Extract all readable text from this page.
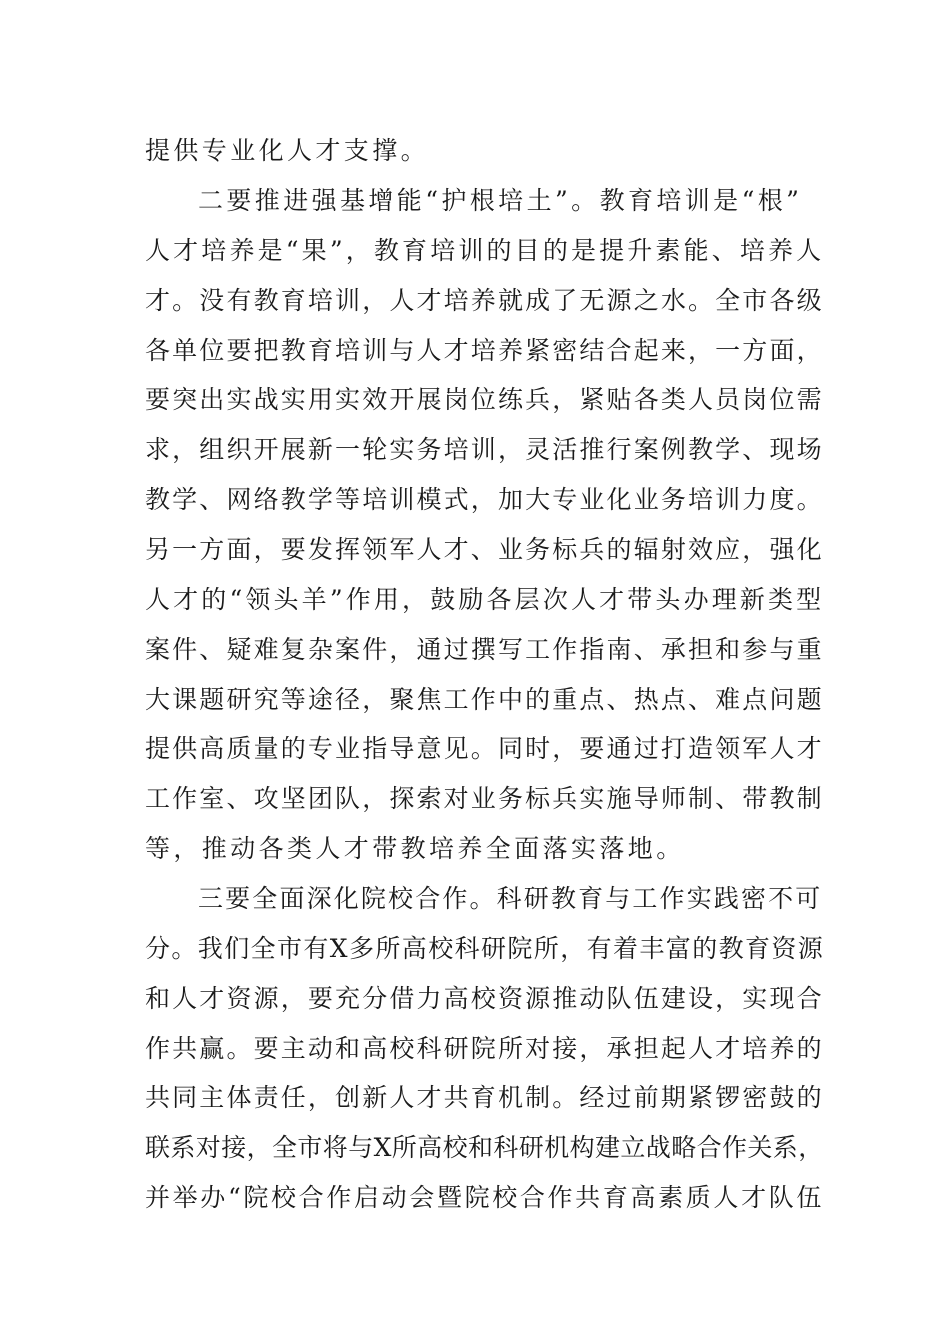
提供专业化人才支撑。
二要推进强基增能“护根培土”。教育培训是“根”
人才培养是“果”，教育培训的目的是提升素能、培养人
才。没有教育培训，人才培养就成了无源之水。全市各级
各单位要把教育培训与人才培养紧密结合起来，一方面，
要突出实战实用实效开展岗位练兵，紧贴各类人员岗位需
求，组织开展新一轮实务培训，灵活推行案例教学、现场
教学、网络教学等培训模式，加大专业化业务培训力度。
另一方面，要发挥领军人才、业务标兵的辐射效应，强化
人才的“领头羊”作用，鼓励各层次人才带头办理新类型
案件、疑难复杂案件，通过撰写工作指南、承担和参与重
大课题研究等途径，聚焦工作中的重点、热点、难点问题
提供高质量的专业指导意见。同时，要通过打造领军人才
工作室、攻坚团队，探索对业务标兵实施导师制、带教制
等，推动各类人才带教培养全面落实落地。
三要全面深化院校合作。科研教育与工作实践密不可
分。我们全市有X多所高校科研院所，有着丰富的教育资源
和人才资源，要充分借力高校资源推动队伍建设，实现合
作共赢。要主动和高校科研院所对接，承担起人才培养的
共同主体责任，创新人才共育机制。经过前期紧锣密鼓的
联系对接，全市将与X所高校和科研机构建立战略合作关系，
并举办“院校合作启动会暨院校合作共育高素质人才队伍
